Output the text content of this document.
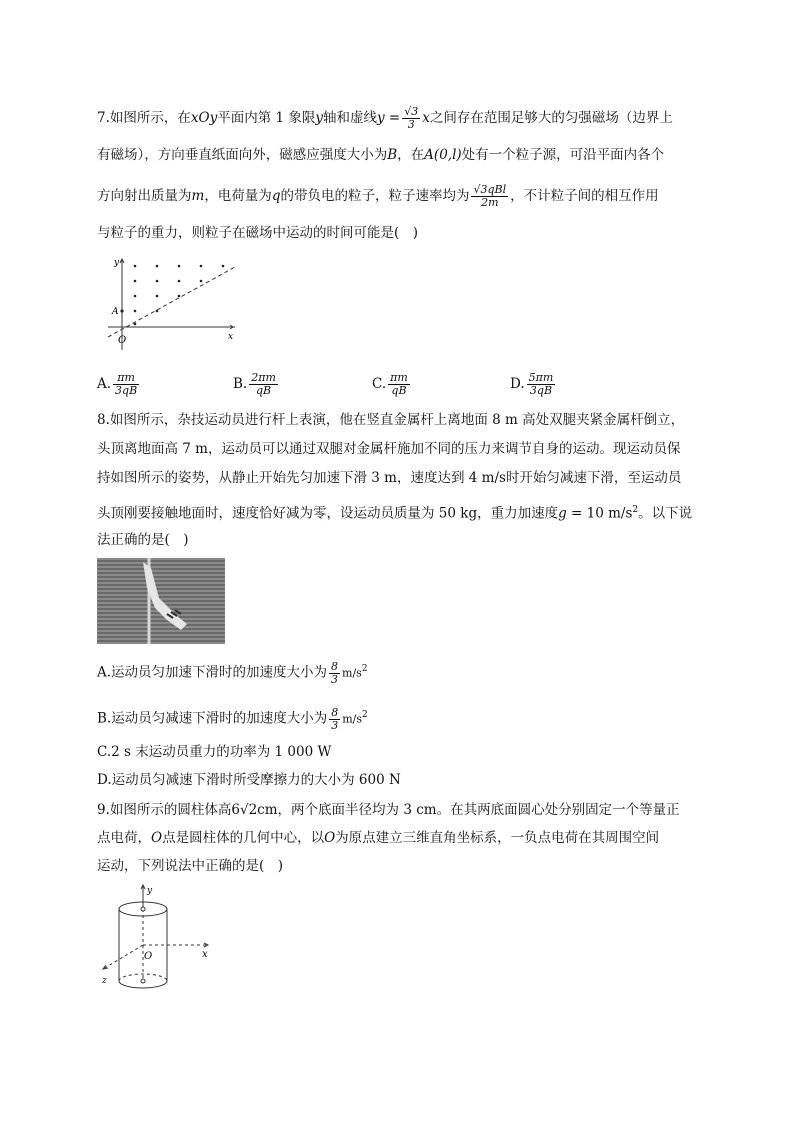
7.如图所示，在xOy平面内第 1 象限y轴和虚线$y = \frac{√3}{3}$ x之间存在范围足够大的匀强磁场（边界上
有磁场），方向垂直纸面向外，磁感应强度大小为B，在A(0,l)处有一个粒子源，可沿平面内各个
方向射出质量为m，电荷量为q的带负电的粒子，粒子速率均为 $\frac{\text{√3qBl}}{2m}$ ，不计粒子间的相互作用
与粒子的重力，则粒子在磁场中运动的时间可能是(　)
y
x
A
O
A. $\frac{\pi m}{3qB}$	B. $\frac{2\pi m}{qB}$	C. $\frac{\pi m}{qB}$	D. $\frac{5\pi m}{3qB}$
8.如图所示，杂技运动员进行杆上表演，他在竖直金属杆上离地面 8 m 高处双腿夹紧金属杆倒立，
头顶离地面高 7 m，运动员可以通过双腿对金属杆施加不同的压力来调节自身的运动。现运动员保
持如图所示的姿势，从静止开始先匀加速下滑 3 m，速度达到 4 m/s时开始匀减速下滑，至运动员
头顶刚要接触地面时，速度恰好减为零，设运动员质量为 50 kg，重力加速度g = 10 $m/s^2$。以下说
法正确的是(　)
A.运动员匀加速下滑时的加速度大小为 $\frac{8}{3} m/s^2$
B.运动员匀减速下滑时的加速度大小为 $\frac{8}{3} m/s^2$
C.2 s 末运动员重力的功率为 1 000 W
D.运动员匀减速下滑时所受摩擦力的大小为 600 N
9.如图所示的圆柱体高6√2cm，两个底面半径均为 3 cm。在其两底面圆心处分别固定一个等量正
点电荷，O点是圆柱体的几何中心，以O为原点建立三维直角坐标系，一负点电荷在其周围空间
运动，下列说法中正确的是(　)
y
x
z
O
